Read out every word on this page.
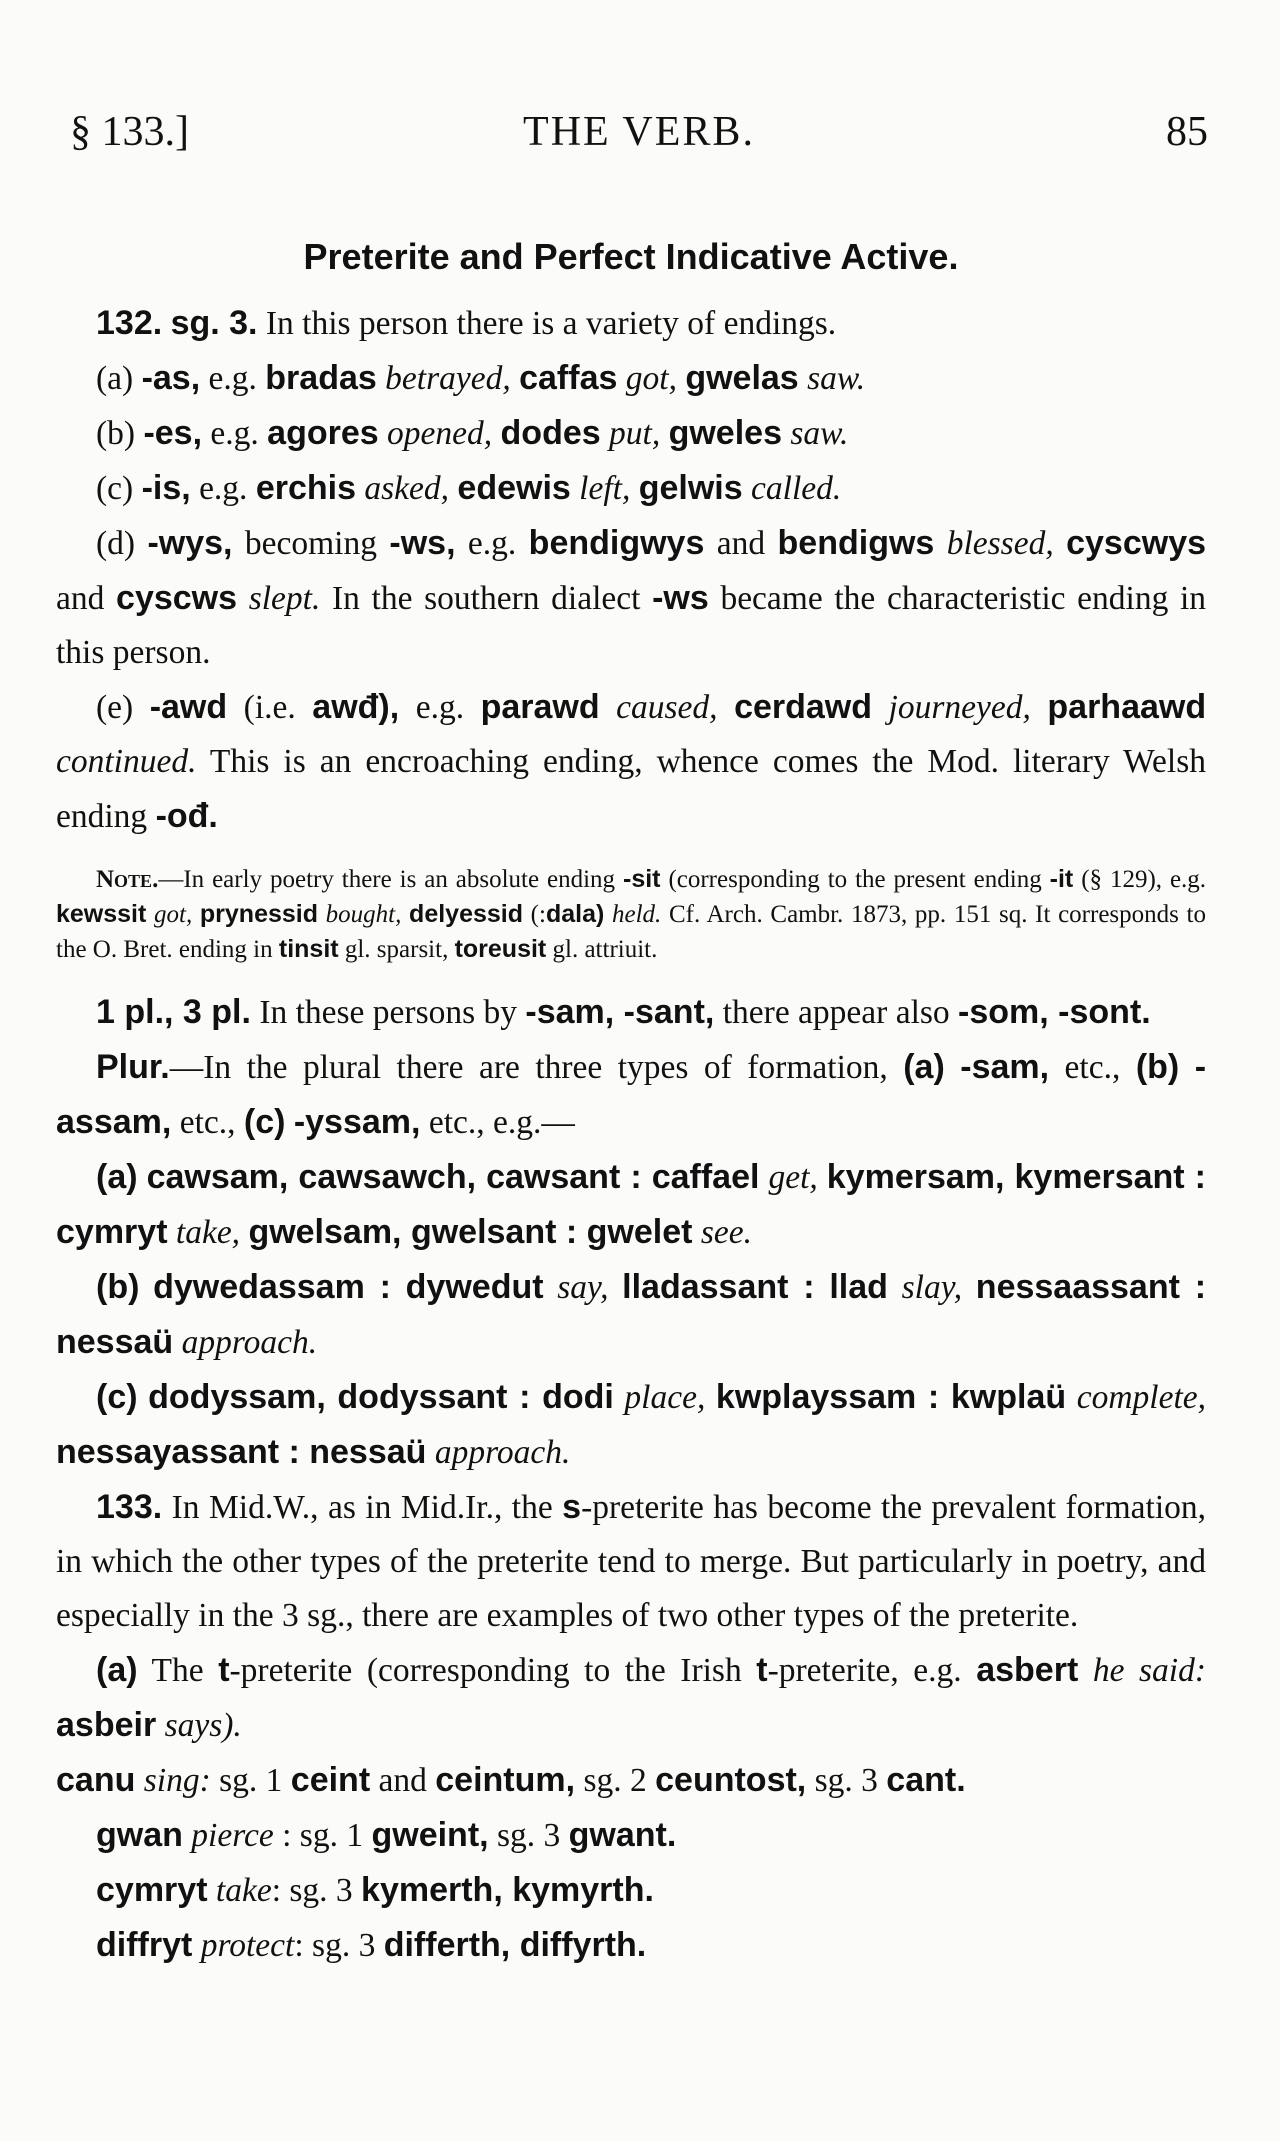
§ 133.]	THE VERB.	85
Preterite and Perfect Indicative Active.

132. sg. 3. In this person there is a variety of endings.

(a) -as, e.g. bradas betrayed, caffas got, gwelas saw.

(b) -es, e.g. agores opened, dodes put, gweles saw.

(c) -is, e.g. erchis asked, edewis left, gelwis called.

(d) -wys, becoming -ws, e.g. bendigwys and bendigws blessed, cyscwys and cyscws slept. In the southern dialect -ws became the characteristic ending in this person.

(e) -awd (i.e. awđ), e.g. parawd caused, cerdawd journeyed, parhaawd continued. This is an encroaching ending, whence comes the Mod. literary Welsh ending -ođ.

Note.—In early poetry there is an absolute ending -sit (corresponding to the present ending -it (§ 129), e.g. kewssit got, prynessid bought, delyessid (:dala) held. Cf. Arch. Cambr. 1873, pp. 151 sq. It corresponds to the O. Bret. ending in tinsit gl. sparsit, toreusit gl. attriuit.

1 pl., 3 pl. In these persons by -sam, -sant, there appear also -som, -sont.

Plur.—In the plural there are three types of formation, (a) -sam, etc., (b) -assam, etc., (c) -yssam, etc., e.g.—

(a) cawsam, cawsawch, cawsant : caffael get, kymersam, kymersant : cymryt take, gwelsam, gwelsant : gwelet see.

(b) dywedassam : dywedut say, lladassant : llad slay, nessaassant : nessaü approach.

(c) dodyssam, dodyssant : dodi place, kwplayssam : kwplaü complete, nessayassant : nessaü approach.

133. In Mid.W., as in Mid.Ir., the s-preterite has become the prevalent formation, in which the other types of the preterite tend to merge. But particularly in poetry, and especially in the 3 sg., there are examples of two other types of the preterite.

(a) The t-preterite (corresponding to the Irish t-preterite, e.g. asbert he said: asbeir says).

canu sing: sg. 1 ceint and ceintum, sg. 2 ceuntost, sg. 3 cant.

gwan pierce : sg. 1 gweint, sg. 3 gwant.

cymryt take: sg. 3 kymerth, kymyrth.

diffryt protect: sg. 3 differth, diffyrth.
